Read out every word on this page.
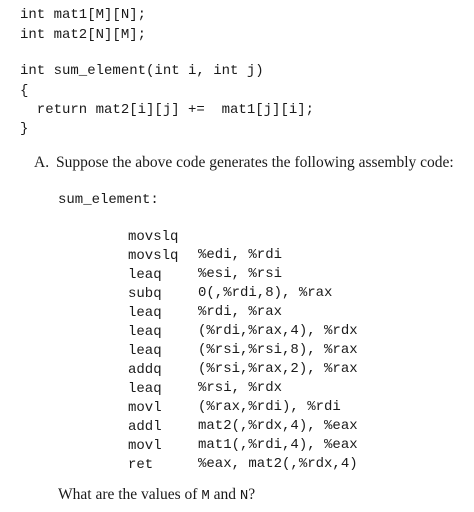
int mat1[M][N];
int mat2[N][M];
int sum_element(int i, int j)
{
return mat2[i][j] +=  mat1[j][i];
}
A. Suppose the above code generates the following assembly code:
sum_element:

movslq

%edi, %rdi

movslq

%esi, %rsi

leaq

0(,%rdi,8), %rax

subq

%rdi, %rax

leaq

(%rdi,%rax,4), %rdx

leaq

(%rsi,%rsi,8), %rax

leaq

(%rsi,%rax,2), %rax

addq

%rsi, %rdx

leaq

(%rax,%rdi), %rdi

movl

mat2(,%rdx,4), %eax

addl

mat1(,%rdi,4), %eax

movl

%eax, mat2(,%rdx,4)

ret

What are the values of M and N?
